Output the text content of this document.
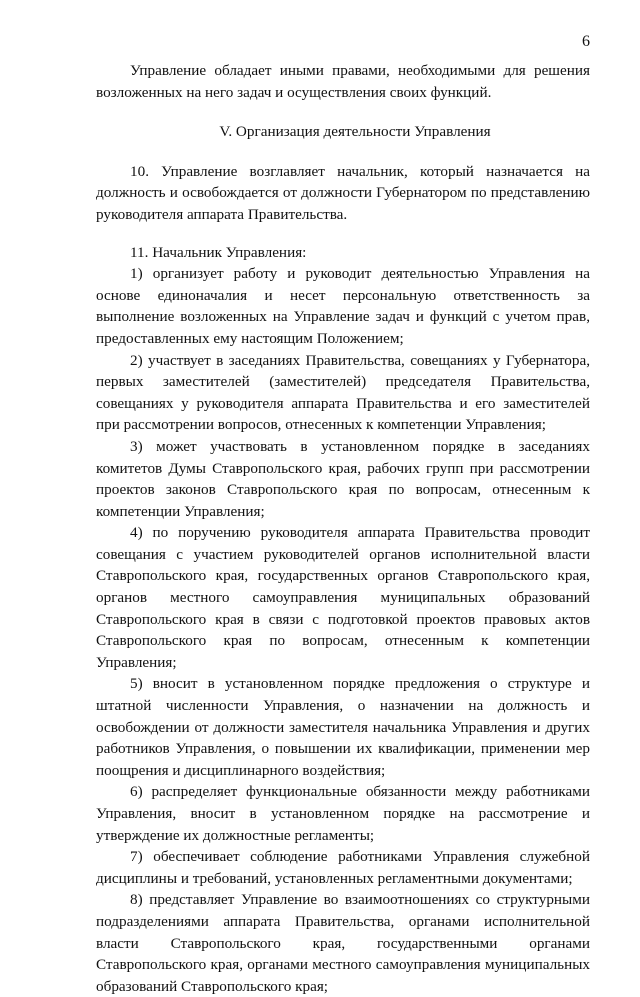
6

Управление обладает иными правами, необходимыми для решения возложенных на него задач и осуществления своих функций.

V. Организация деятельности Управления

10. Управление возглавляет начальник, который назначается на должность и освобождается от должности Губернатором по представлению руководителя аппарата Правительства.

11. Начальник Управления:

1) организует работу и руководит деятельностью Управления на основе единоначалия и несет персональную ответственность за выполнение возложенных на Управление задач и функций с учетом прав, предоставленных ему настоящим Положением;

2) участвует в заседаниях Правительства, совещаниях у Губернатора, первых заместителей (заместителей) председателя Правительства, совещаниях у руководителя аппарата Правительства и его заместителей при рассмотрении вопросов, отнесенных к компетенции Управления;

3) может участвовать в установленном порядке в заседаниях комитетов Думы Ставропольского края, рабочих групп при рассмотрении проектов законов Ставропольского края по вопросам, отнесенным к компетенции Управления;

4) по поручению руководителя аппарата Правительства проводит совещания с участием руководителей органов исполнительной власти Ставропольского края, государственных органов Ставропольского края, органов местного самоуправления муниципальных образований Ставропольского края в связи с подготовкой проектов правовых актов Ставропольского края по вопросам, отнесенным к компетенции Управления;

5) вносит в установленном порядке предложения о структуре и штатной численности Управления, о назначении на должность и освобождении от должности заместителя начальника Управления и других работников Управления, о повышении их квалификации, применении мер поощрения и дисциплинарного воздействия;

6) распределяет функциональные обязанности между работниками Управления, вносит в установленном порядке на рассмотрение и утверждение их должностные регламенты;

7) обеспечивает соблюдение работниками Управления служебной дисциплины и требований, установленных регламентными документами;

8) представляет Управление во взаимоотношениях со структурными подразделениями аппарата Правительства, органами исполнительной власти Ставропольского края, государственными органами Ставропольского края, органами местного самоуправления муниципальных образований Ставропольского края;
